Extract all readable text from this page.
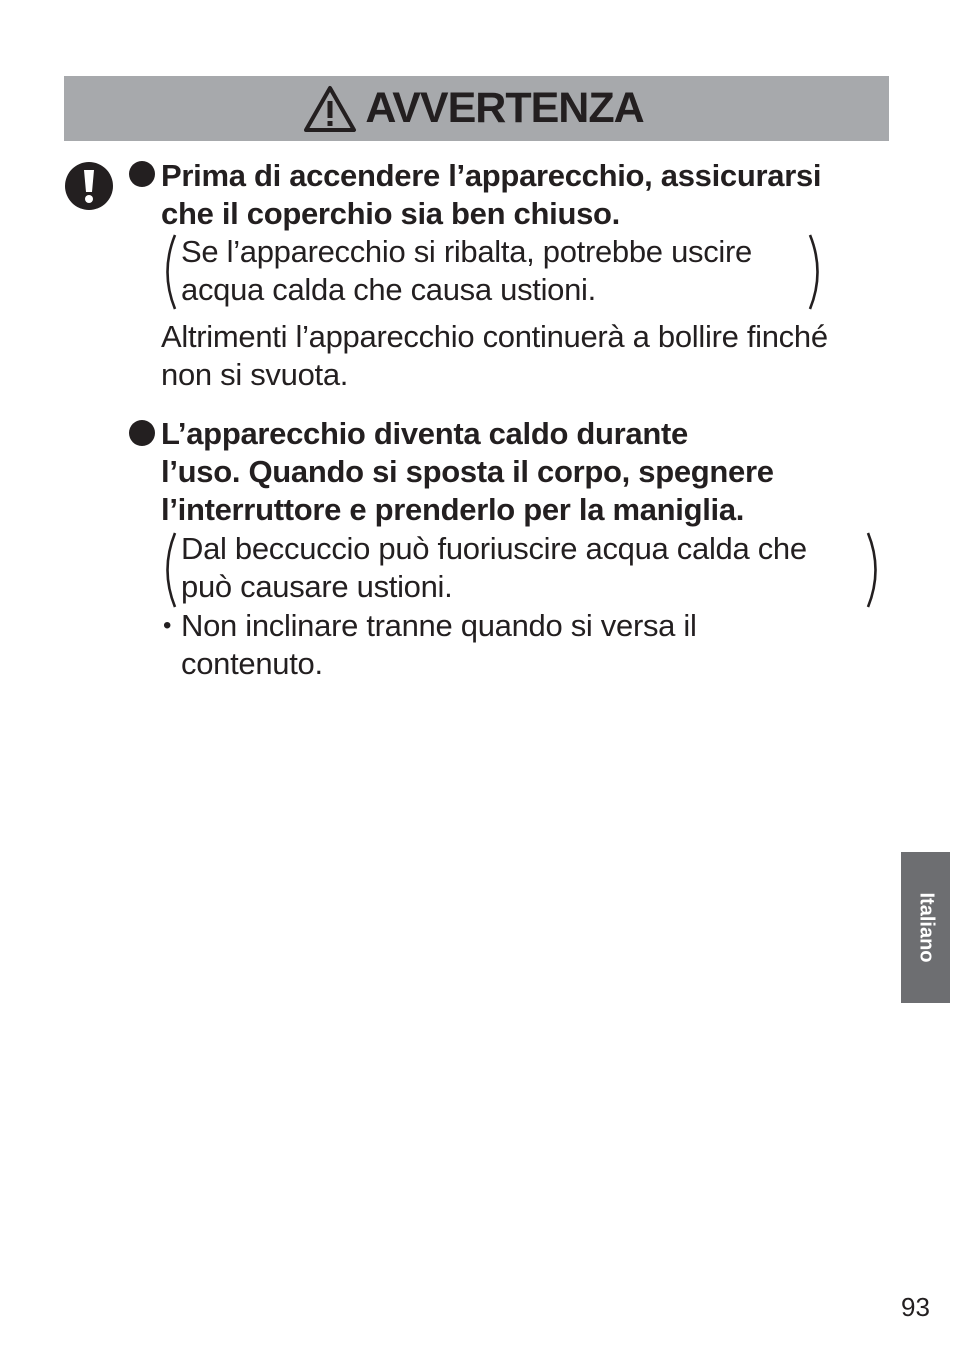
AVVERTENZA
Prima di accendere l’apparecchio, assicurarsi
che il coperchio sia ben chiuso.
Se l’apparecchio si ribalta, potrebbe uscire
acqua calda che causa ustioni.
Altrimenti l’apparecchio continuerà a bollire finché
non si svuota.
L’apparecchio diventa caldo durante
l’uso. Quando si sposta il corpo, spegnere
l’interruttore e prenderlo per la maniglia.
Dal beccuccio può fuoriuscire acqua calda che
può causare ustioni.
• Non inclinare tranne quando si versa il
contenuto.
Italiano
93
